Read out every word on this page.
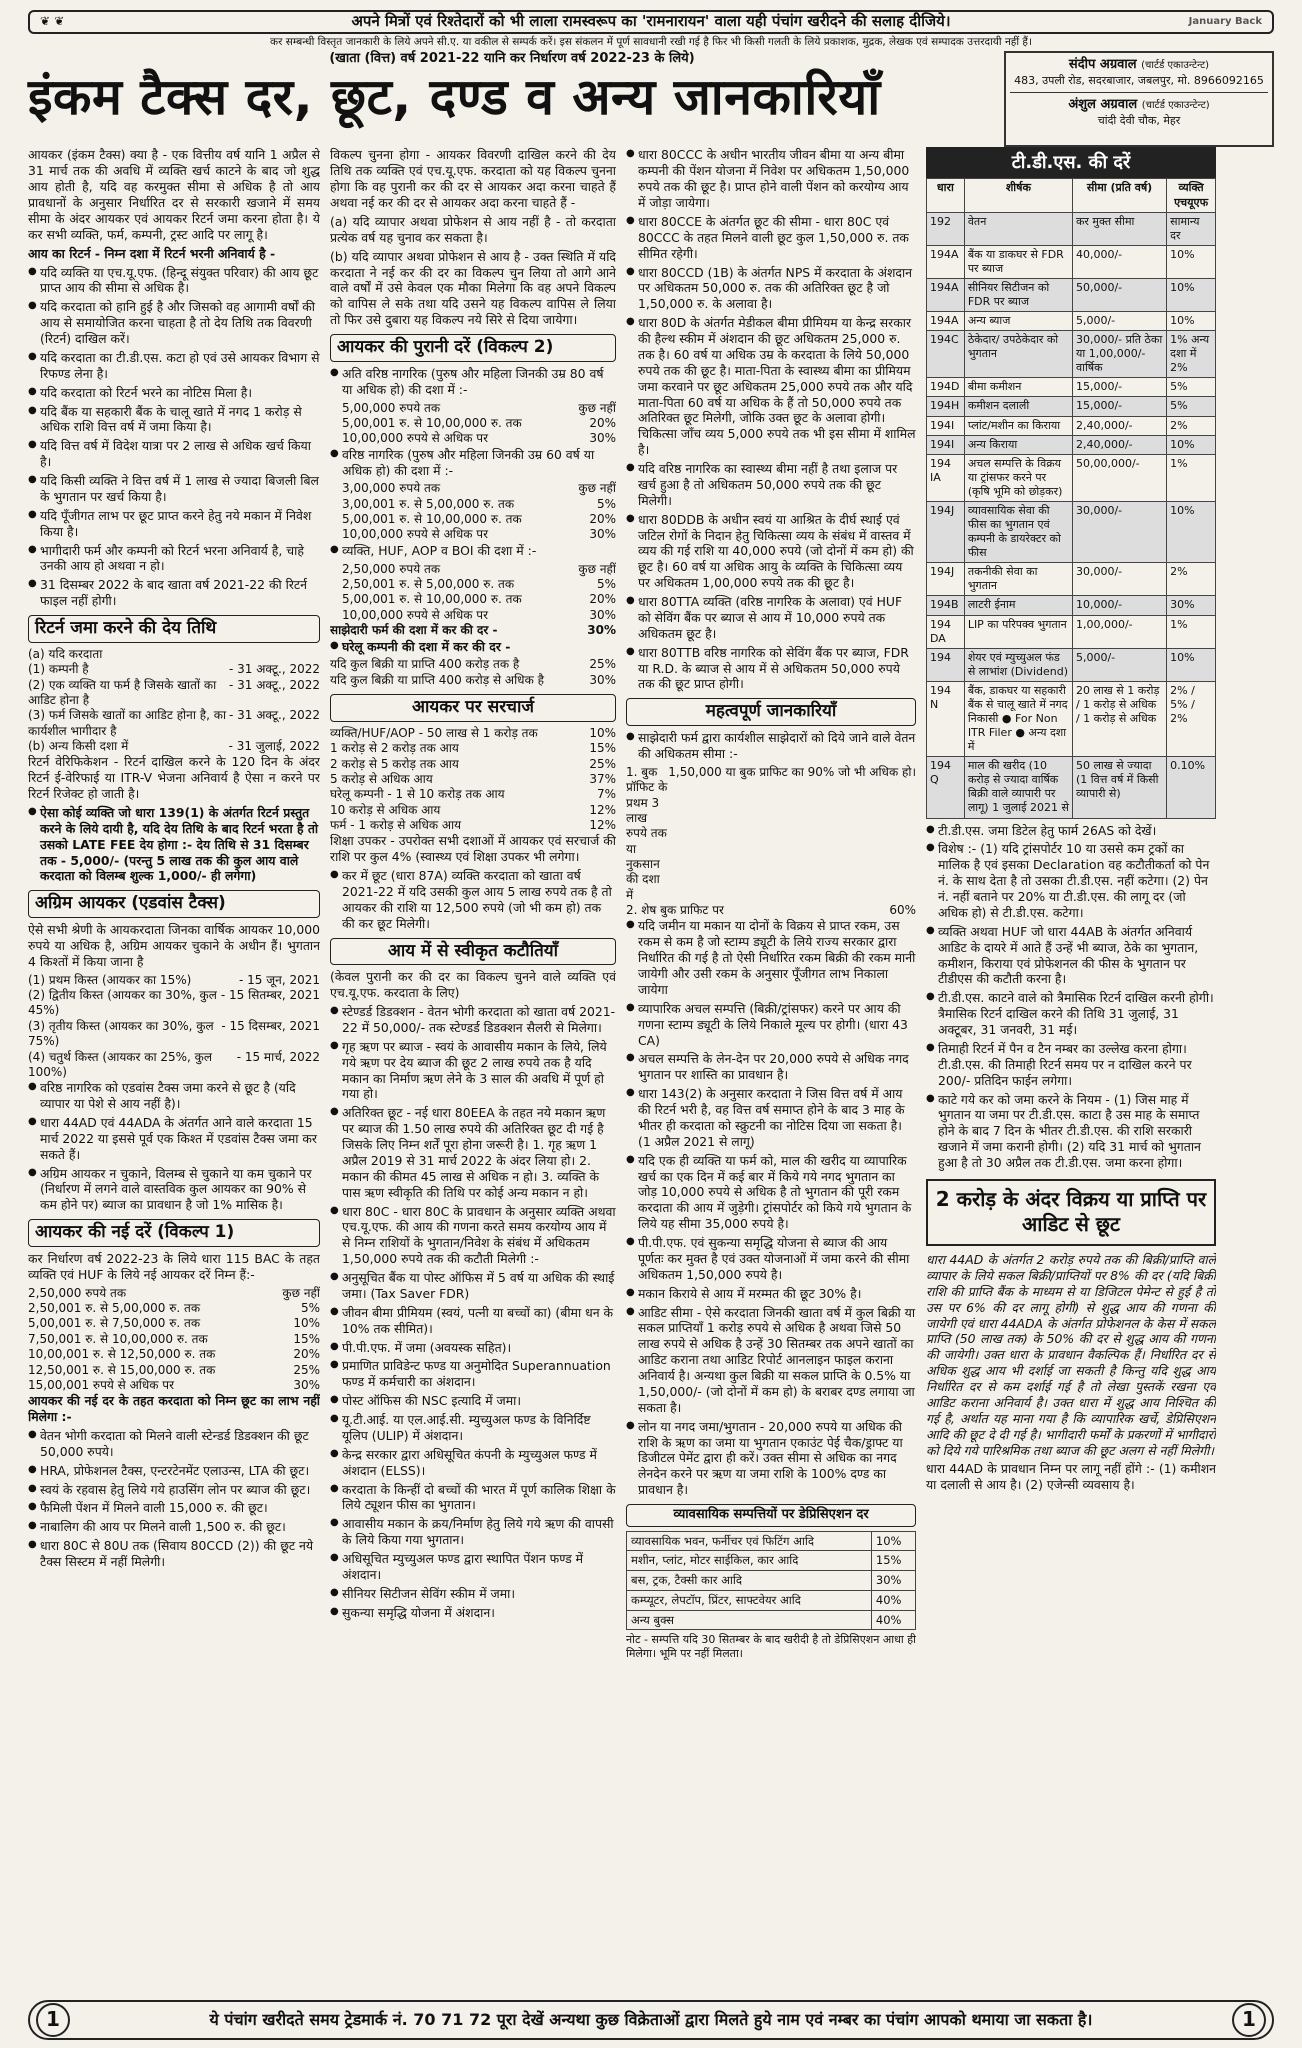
❦ ❦	अपने मित्रों एवं रिश्तेदारों को भी लाला रामस्वरूप का 'रामनारायन' वाला यही पंचांग खरीदने की सलाह दीजिये।	January Back
कर सम्बन्धी विस्तृत जानकारी के लिये अपने सी.ए. या वकील से सम्पर्क करें। इस संकलन में पूर्ण सावधानी रखी गई है फिर भी किसी गलती के लिये प्रकाशक, मुद्रक, लेखक एवं सम्पादक उत्तरदायी नहीं हैं।
(खाता (वित्त) वर्ष 2021-22 यानि कर निर्धारण वर्ष 2022-23 के लिये)
इंकम टैक्स दर, छूट, दण्ड व अन्य जानकारियाँ
संदीप अग्रवाल (चार्टर्ड एकाउन्टेन्ट)
483, उपली रोड, सदरबाजार, जबलपुर, मो. 8966092165
अंशुल अग्रवाल (चार्टर्ड एकाउन्टेन्ट)
चांदी देवी चौक, मेहर

आयकर (इंकम टैक्स) क्या है - एक वित्तीय वर्ष यानि 1 अप्रैल से 31 मार्च तक की अवधि में व्यक्ति खर्च काटने के बाद जो शुद्ध आय होती है, यदि वह करमुक्त सीमा से अधिक है तो आय प्रावधानों के अनुसार निर्धारित दर से सरकारी खजाने में समय सीमा के अंदर आयकर एवं आयकर रिटर्न जमा करना होता है। ये कर सभी व्यक्ति, फर्म, कम्पनी, ट्रस्ट आदि पर लागू है।

आय का रिटर्न - निम्न दशा में रिटर्न भरनी अनिवार्य है -

● यदि व्यक्ति या एच.यू.एफ. (हिन्दू संयुक्त परिवार) की आय छूट प्राप्त आय की सीमा से अधिक है।
● यदि करदाता को हानि हुई है और जिसको वह आगामी वर्षों की आय से समायोजित करना चाहता है तो देय तिथि तक विवरणी (रिटर्न) दाखिल करें।
● यदि करदाता का टी.डी.एस. कटा हो एवं उसे आयकर विभाग से रिफण्ड लेना है।
● यदि करदाता को रिटर्न भरने का नोटिस मिला है।
● यदि बैंक या सहकारी बैंक के चालू खाते में नगद 1 करोड़ से अधिक राशि वित्त वर्ष में जमा किया है।
● यदि वित्त वर्ष में विदेश यात्रा पर 2 लाख से अधिक खर्च किया है।
● यदि किसी व्यक्ति ने वित्त वर्ष में 1 लाख से ज्यादा बिजली बिल के भुगतान पर खर्च किया है।
● यदि पूँजीगत लाभ पर छूट प्राप्त करने हेतु नये मकान में निवेश किया है।
● भागीदारी फर्म और कम्पनी को रिटर्न भरना अनिवार्य है, चाहे उनकी आय हो अथवा न हो।
● 31 दिसम्बर 2022 के बाद खाता वर्ष 2021-22 की रिटर्न फाइल नहीं होगी।
रिटर्न जमा करने की देय तिथि
(a) यदि करदाता
(1) कम्पनी है	- 31 अक्टू., 2022
(2) एक व्यक्ति या फर्म है जिसके खातों का आडिट होना है
- 31 अक्टू., 2022
(3) फर्म जिसके खातों का आडिट होना है, का कार्यशील भागीदार है
- 31 अक्टू., 2022
(b) अन्य किसी दशा में	- 31 जुलाई, 2022

रिटर्न वेरिफिकेशन - रिटर्न दाखिल करने के 120 दिन के अंदर रिटर्न ई-वेरिफाई या ITR-V भेजना अनिवार्य है ऐसा न करने पर रिटर्न रिजेक्ट हो जाती है।

● ऐसा कोई व्यक्ति जो धारा 139(1) के अंतर्गत रिटर्न प्रस्तुत करने के लिये दायी है, यदि देय तिथि के बाद रिटर्न भरता है तो उसको LATE FEE देय होगा :- देय तिथि से 31 दिसम्बर तक - 5,000/- (परन्तु 5 लाख तक की कुल आय वाले करदाता को विलम्ब शुल्क 1,000/- ही लगेगा)
अग्रिम आयकर (एडवांस टैक्स)

ऐसे सभी श्रेणी के आयकरदाता जिनका वार्षिक आयकर 10,000 रुपये या अधिक है, अग्रिम आयकर चुकाने के अधीन हैं। भुगतान 4 किश्तों में किया जाना है

(1) प्रथम किस्त (आयकर का 15%)	- 15 जून, 2021
(2) द्वितीय किस्त (आयकर का 30%, कुल 45%)
- 15 सितम्बर, 2021
(3) तृतीय किस्त (आयकर का 30%, कुल 75%)
- 15 दिसम्बर, 2021
(4) चतुर्थ किस्त (आयकर का 25%, कुल 100%)
- 15 मार्च, 2022
● वरिष्ठ नागरिक को एडवांस टैक्स जमा करने से छूट है (यदि व्यापार या पेशे से आय नहीं है)।
● धारा 44AD एवं 44ADA के अंतर्गत आने वाले करदाता 15 मार्च 2022 या इससे पूर्व एक किश्त में एडवांस टैक्स जमा कर सकते हैं।
● अग्रिम आयकर न चुकाने, विलम्ब से चुकाने या कम चुकाने पर (निर्धारण में लगने वाले वास्तविक कुल आयकर का 90% से कम होने पर) ब्याज का प्रावधान है जो 1% मासिक है।
आयकर की नई दरें (विकल्प 1)

कर निर्धारण वर्ष 2022-23 के लिये धारा 115 BAC के तहत व्यक्ति एवं HUF के लिये नई आयकर दरें निम्न हैं:-

2,50,000 रुपये तक	कुछ नहीं
2,50,001 रु. से 5,00,000 रु. तक	5%
5,00,001 रु. से 7,50,000 रु. तक	10%
7,50,001 रु. से 10,00,000 रु. तक	15%
10,00,001 रु. से 12,50,000 रु. तक	20%
12,50,001 रु. से 15,00,000 रु. तक	25%
15,00,001 रुपये से अधिक पर	30%

आयकर की नई दर के तहत करदाता को निम्न छूट का लाभ नहीं मिलेगा :-

● वेतन भोगी करदाता को मिलने वाली स्टेन्डर्ड डिडक्शन की छूट 50,000 रुपये।
● HRA, प्रोफेशनल टैक्स, एन्टरटेनमेंट एलाउन्स, LTA की छूट।
● स्वयं के रहवास हेतु लिये गये हाउसिंग लोन पर ब्याज की छूट।
● फैमिली पेंशन में मिलने वाली 15,000 रु. की छूट।
● नाबालिग की आय पर मिलने वाली 1,500 रु. की छूट।
● धारा 80C से 80U तक (सिवाय 80CCD (2)) की छूट नये टैक्स सिस्टम में नहीं मिलेगी।

विकल्प चुनना होगा - आयकर विवरणी दाखिल करने की देय तिथि तक व्यक्ति एवं एच.यू.एफ. करदाता को यह विकल्प चुनना होगा कि वह पुरानी कर की दर से आयकर अदा करना चाहते हैं अथवा नई कर की दर से आयकर अदा करना चाहते हैं -

(a) यदि व्यापार अथवा प्रोफेशन से आय नहीं है - तो करदाता प्रत्येक वर्ष यह चुनाव कर सकता है।

(b) यदि व्यापार अथवा प्रोफेशन से आय है - उक्त स्थिति में यदि करदाता ने नई कर की दर का विकल्प चुन लिया तो आगे आने वाले वर्षों में उसे केवल एक मौका मिलेगा कि वह अपने विकल्प को वापिस ले सके तथा यदि उसने यह विकल्प वापिस ले लिया तो फिर उसे दुबारा यह विकल्प नये सिरे से दिया जायेगा।

आयकर की पुरानी दरें (विकल्प 2)
● अति वरिष्ठ नागरिक (पुरुष और महिला जिनकी उम्र 80 वर्ष या अधिक हो) की दशा में :-
5,00,000 रुपये तक	कुछ नहीं
5,00,001 रु. से 10,00,000 रु. तक	20%
10,00,000 रुपये से अधिक पर	30%
● वरिष्ठ नागरिक (पुरुष और महिला जिनकी उम्र 60 वर्ष या अधिक हो) की दशा में :-
3,00,000 रुपये तक	कुछ नहीं
3,00,001 रु. से 5,00,000 रु. तक	5%
5,00,001 रु. से 10,00,000 रु. तक	20%
10,00,000 रुपये से अधिक पर	30%
● व्यक्ति, HUF, AOP व BOI की दशा में :-
2,50,000 रुपये तक	कुछ नहीं
2,50,001 रु. से 5,00,000 रु. तक	5%
5,00,001 रु. से 10,00,000 रु. तक	20%
10,00,000 रुपये से अधिक पर	30%
साझेदारी फर्म की दशा में कर की दर -	30%
● घरेलू कम्पनी की दशा में कर की दर -
यदि कुल बिक्री या प्राप्ति 400 करोड़ तक है	25%
यदि कुल बिक्री या प्राप्ति 400 करोड़ से अधिक है	30%
आयकर पर सरचार्ज
व्यक्ति/HUF/AOP - 50 लाख से 1 करोड़ तक	10%
1 करोड़ से 2 करोड़ तक आय	15%
2 करोड़ से 5 करोड़ तक आय	25%
5 करोड़ से अधिक आय	37%
घरेलू कम्पनी - 1 से 10 करोड़ तक आय	7%
10 करोड़ से अधिक आय	12%
फर्म - 1 करोड़ से अधिक आय	12%

शिक्षा उपकर - उपरोक्त सभी दशाओं में आयकर एवं सरचार्ज की राशि पर कुल 4% (स्वास्थ्य एवं शिक्षा उपकर भी लगेगा।

● कर में छूट (धारा 87A) व्यक्ति करदाता को खाता वर्ष 2021-22 में यदि उसकी कुल आय 5 लाख रुपये तक है तो आयकर की राशि या 12,500 रुपये (जो भी कम हो) तक की कर छूट मिलेगी।
आय में से स्वीकृत कटौतियाँ

(केवल पुरानी कर की दर का विकल्प चुनने वाले व्यक्ति एवं एच.यू.एफ. करदाता के लिए)

● स्टेण्डर्ड डिडक्शन - वेतन भोगी करदाता को खाता वर्ष 2021-22 में 50,000/- तक स्टेण्डर्ड डिडक्शन सैलरी से मिलेगा।
● गृह ऋण पर ब्याज - स्वयं के आवासीय मकान के लिये, लिये गये ऋण पर देय ब्याज की छूट 2 लाख रुपये तक है यदि मकान का निर्माण ऋण लेने के 3 साल की अवधि में पूर्ण हो गया हो।
● अतिरिक्त छूट - नई धारा 80EEA के तहत नये मकान ऋण पर ब्याज की 1.50 लाख रुपये की अतिरिक्त छूट दी गई है जिसके लिए निम्न शर्तें पूरा होना जरूरी है। 1. गृह ऋण 1 अप्रैल 2019 से 31 मार्च 2022 के अंदर लिया हो। 2. मकान की कीमत 45 लाख से अधिक न हो। 3. व्यक्ति के पास ऋण स्वीकृति की तिथि पर कोई अन्य मकान न हो।
● धारा 80C - धारा 80C के प्रावधान के अनुसार व्यक्ति अथवा एच.यू.एफ. की आय की गणना करते समय करयोग्य आय में से निम्न राशियों के भुगतान/निवेश के संबंध में अधिकतम 1,50,000 रुपये तक की कटौती मिलेगी :-
● अनुसूचित बैंक या पोस्ट ऑफिस में 5 वर्ष या अधिक की स्थाई जमा। (Tax Saver FDR)
● जीवन बीमा प्रीमियम (स्वयं, पत्नी या बच्चों का) (बीमा धन के 10% तक सीमित)।
● पी.पी.एफ. में जमा (अवयस्क सहित)।
● प्रमाणित प्राविडेन्ट फण्ड या अनुमोदित Superannuation फण्ड में कर्मचारी का अंशदान।
● पोस्ट ऑफिस की NSC इत्यादि में जमा।
● यू.टी.आई. या एल.आई.सी. म्युच्युअल फण्ड के विनिर्दिष्ट यूलिप (ULIP) में अंशदान।
● केन्द्र सरकार द्वारा अधिसूचित कंपनी के म्युच्युअल फण्ड में अंशदान (ELSS)।
● करदाता के किन्हीं दो बच्चों की भारत में पूर्ण कालिक शिक्षा के लिये ट्यूशन फीस का भुगतान।
● आवासीय मकान के क्रय/निर्माण हेतु लिये गये ऋण की वापसी के लिये किया गया भुगतान।
● अधिसूचित म्युच्युअल फण्ड द्वारा स्थापित पेंशन फण्ड में अंशदान।
● सीनियर सिटीजन सेविंग स्कीम में जमा।
● सुकन्या समृद्धि योजना में अंशदान।
● धारा 80CCC के अधीन भारतीय जीवन बीमा या अन्य बीमा कम्पनी की पेंशन योजना में निवेश पर अधिकतम 1,50,000 रुपये तक की छूट है। प्राप्त होने वाली पेंशन को करयोग्य आय में जोड़ा जायेगा।
● धारा 80CCE के अंतर्गत छूट की सीमा - धारा 80C एवं 80CCC के तहत मिलने वाली छूट कुल 1,50,000 रु. तक सीमित रहेगी।
● धारा 80CCD (1B) के अंतर्गत NPS में करदाता के अंशदान पर अधिकतम 50,000 रु. तक की अतिरिक्त छूट है जो 1,50,000 रु. के अलावा है।
● धारा 80D के अंतर्गत मेडीकल बीमा प्रीमियम या केन्द्र सरकार की हैल्थ स्कीम में अंशदान की छूट अधिकतम 25,000 रु. तक है। 60 वर्ष या अधिक उम्र के करदाता के लिये 50,000 रुपये तक की छूट है। माता-पिता के स्वास्थ्य बीमा का प्रीमियम जमा करवाने पर छूट अधिकतम 25,000 रुपये तक और यदि माता-पिता 60 वर्ष या अधिक के हैं तो 50,000 रुपये तक अतिरिक्त छूट मिलेगी, जोकि उक्त छूट के अलावा होगी। चिकित्सा जाँच व्यय 5,000 रुपये तक भी इस सीमा में शामिल है।
● यदि वरिष्ठ नागरिक का स्वास्थ्य बीमा नहीं है तथा इलाज पर खर्च हुआ है तो अधिकतम 50,000 रुपये तक की छूट मिलेगी।
● धारा 80DDB के अधीन स्वयं या आश्रित के दीर्घ स्थाई एवं जटिल रोगों के निदान हेतु चिकित्सा व्यय के संबंध में वास्तव में व्यय की गई राशि या 40,000 रुपये (जो दोनों में कम हो) की छूट है। 60 वर्ष या अधिक आयु के व्यक्ति के चिकित्सा व्यय पर अधिकतम 1,00,000 रुपये तक की छूट है।
● धारा 80TTA व्यक्ति (वरिष्ठ नागरिक के अलावा) एवं HUF को सेविंग बैंक पर ब्याज से आय में 10,000 रुपये तक अधिकतम छूट है।
● धारा 80TTB वरिष्ठ नागरिक को सेविंग बैंक पर ब्याज, FDR या R.D. के ब्याज से आय में से अधिकतम 50,000 रुपये तक की छूट प्राप्त होगी।
महत्वपूर्ण जानकारियाँ
● साझेदारी फर्म द्वारा कार्यशील साझेदारों को दिये जाने वाले वेतन की अधिकतम सीमा :-
1. बुक प्रॉफिट के प्रथम 3 लाख रुपये तक या नुकसान की दशा में
1,50,000 या बुक प्राफिट का 90% जो भी अधिक हो।
2. शेष बुक प्राफिट पर	60%
● यदि जमीन या मकान या दोनों के विक्रय से प्राप्त रकम, उस रकम से कम है जो स्टाम्प ड्यूटी के लिये राज्य सरकार द्वारा निर्धारित की गई है तो ऐसी निर्धारित रकम बिक्री की रकम मानी जायेगी और उसी रकम के अनुसार पूँजीगत लाभ निकाला जायेगा
● व्यापारिक अचल सम्पत्ति (बिक्री/ट्रांसफर) करने पर आय की गणना स्टाम्प ड्यूटी के लिये निकाले मूल्य पर होगी। (धारा 43 CA)
● अचल सम्पत्ति के लेन-देन पर 20,000 रुपये से अधिक नगद भुगतान पर शास्ति का प्रावधान है।
● धारा 143(2) के अनुसार करदाता ने जिस वित्त वर्ष में आय की रिटर्न भरी है, वह वित्त वर्ष समाप्त होने के बाद 3 माह के भीतर ही करदाता को स्क्रुटनी का नोटिस दिया जा सकता है। (1 अप्रैल 2021 से लागू)
● यदि एक ही व्यक्ति या फर्म को, माल की खरीद या व्यापारिक खर्च का एक दिन में कई बार में किये गये नगद भुगतान का जोड़ 10,000 रुपये से अधिक है तो भुगतान की पूरी रकम करदाता की आय में जुड़ेगी। ट्रांसपोर्टर को किये गये भुगतान के लिये यह सीमा 35,000 रुपये है।
● पी.पी.एफ. एवं सुकन्या समृद्धि योजना से ब्याज की आय पूर्णतः कर मुक्त है एवं उक्त योजनाओं में जमा करने की सीमा अधिकतम 1,50,000 रुपये है।
● मकान किराये से आय में मरम्मत की छूट 30% है।
● आडिट सीमा - ऐसे करदाता जिनकी खाता वर्ष में कुल बिक्री या सकल प्राप्तियाँ 1 करोड़ रुपये से अधिक है अथवा जिसे 50 लाख रुपये से अधिक है उन्हें 30 सितम्बर तक अपने खातों का आडिट कराना तथा आडिट रिपोर्ट आनलाइन फाइल कराना अनिवार्य है। अन्यथा कुल बिक्री या सकल प्राप्ति के 0.5% या 1,50,000/- (जो दोनों में कम हो) के बराबर दण्ड लगाया जा सकता है।
● लोन या नगद जमा/भुगतान - 20,000 रुपये या अधिक की राशि के ऋण का जमा या भुगतान एकाउंट पेई चैक/ड्राफ्ट या डिजीटल पेमेंट द्वारा ही करें। उक्त सीमा से अधिक का नगद लेनदेन करने पर ऋण या जमा राशि के 100% दण्ड का प्रावधान है।
व्यावसायिक सम्पत्तियों पर डेप्रिसिएशन दर
व्यावसायिक भवन, फर्नीचर एवं फिटिंग आदि	10%
मशीन, प्लांट, मोटर साईकिल, कार आदि	15%
बस, ट्रक, टैक्सी कार आदि	30%
कम्प्यूटर, लेपटॉप, प्रिंटर, साफ्टवेयर आदि	40%
अन्य बुक्स	40%

नोट - सम्पत्ति यदि 30 सितम्बर के बाद खरीदी है तो डेप्रिसिएशन आधा ही मिलेगा। भूमि पर नहीं मिलता।

टी.डी.एस. की दरें
धारा	शीर्षक	सीमा (प्रति वर्ष)	व्यक्ति एचयूएफ
192	वेतन	कर मुक्त सीमा	सामान्य दर
194A	बैंक या डाकघर से FDR पर ब्याज	40,000/-	10%
194A	सीनियर सिटीजन को FDR पर ब्याज	50,000/-	10%
194A	अन्य ब्याज	5,000/-	10%
194C	ठेकेदार/ उपठेकेदार को भुगतान	30,000/- प्रति ठेका या 1,00,000/- वार्षिक	1% अन्य दशा में 2%
194D	बीमा कमीशन	15,000/-	5%
194H	कमीशन दलाली	15,000/-	5%
194I	प्लांट/मशीन का किराया	2,40,000/-	2%
194I	अन्य किराया	2,40,000/-	10%
194 IA	अचल सम्पत्ति के विक्रय या ट्रांसफर करने पर (कृषि भूमि को छोड़कर)	50,00,000/-	1%
194J	व्यावसायिक सेवा की फीस का भुगतान एवं कम्पनी के डायरेक्टर को फीस	30,000/-	10%
194J	तकनीकी सेवा का भुगतान	30,000/-	2%
194B	लाटरी ईनाम	10,000/-	30%
194 DA	LIP का परिपक्व भुगतान	1,00,000/-	1%
194	शेयर एवं म्युच्युअल फंड से लाभांश (Dividend)	5,000/-	10%
194 N	बैंक, डाकघर या सहकारी बैंक से चालू खाते में नगद निकासी ● For Non ITR Filer ● अन्य दशा में	20 लाख से 1 करोड़ / 1 करोड़ से अधिक / 1 करोड़ से अधिक	2% / 5% / 2%
194 Q	माल की खरीद (10 करोड़ से ज्यादा वार्षिक बिक्री वाले व्यापारी पर लागू) 1 जुलाई 2021 से	50 लाख से ज्यादा (1 वित्त वर्ष में किसी व्यापारी से)	0.10%
● टी.डी.एस. जमा डिटेल हेतु फार्म 26AS को देखें।
● विशेष :- (1) यदि ट्रांसपोर्टर 10 या उससे कम ट्रकों का मालिक है एवं इसका Declaration वह कटौतीकर्ता को पेन नं. के साथ देता है तो उसका टी.डी.एस. नहीं कटेगा। (2) पेन नं. नहीं बताने पर 20% या टी.डी.एस. की लागू दर (जो अधिक हो) से टी.डी.एस. कटेगा।
● व्यक्ति अथवा HUF जो धारा 44AB के अंतर्गत अनिवार्य आडिट के दायरे में आते हैं उन्हें भी ब्याज, ठेके का भुगतान, कमीशन, किराया एवं प्रोफेशनल की फीस के भुगतान पर टीडीएस की कटौती करना है।
● टी.डी.एस. काटने वाले को त्रैमासिक रिटर्न दाखिल करनी होगी। त्रैमासिक रिटर्न दाखिल करने की तिथि 31 जुलाई, 31 अक्टूबर, 31 जनवरी, 31 मई।
● तिमाही रिटर्न में पैन व टैन नम्बर का उल्लेख करना होगा। टी.डी.एस. की तिमाही रिटर्न समय पर न दाखिल करने पर 200/- प्रतिदिन फाईन लगेगा।
● काटे गये कर को जमा करने के नियम - (1) जिस माह में भुगतान या जमा पर टी.डी.एस. काटा है उस माह के समाप्त होने के बाद 7 दिन के भीतर टी.डी.एस. की राशि सरकारी खजाने में जमा करानी होगी। (2) यदि 31 मार्च को भुगतान हुआ है तो 30 अप्रैल तक टी.डी.एस. जमा करना होगा।
2 करोड़ के अंदर विक्रय या प्राप्ति पर आडिट से छूट

धारा 44AD के अंतर्गत 2 करोड़ रुपये तक की बिक्री/प्राप्ति वाले व्यापार के लिये सकल बिक्री/प्राप्तियों पर 8% की दर (यदि बिक्री राशि की प्राप्ति बैंक के माध्यम से या डिजिटल पेमेन्ट से हुई है तो उस पर 6% की दर लागू होगी) से शुद्ध आय की गणना की जायेगी एवं धारा 44ADA के अंतर्गत प्रोफेशनल के केस में सकल प्राप्ति (50 लाख तक) के 50% की दर से शुद्ध आय की गणना की जायेगी। उक्त धारा के प्रावधान वैकल्पिक हैं। निर्धारित दर से अधिक शुद्ध आय भी दर्शाई जा सकती है किन्तु यदि शुद्ध आय निर्धारित दर से कम दर्शाई गई है तो लेखा पुस्तकें रखना एवं आडिट कराना अनिवार्य है। उक्त धारा में शुद्ध आय निश्चित की गई है, अर्थात यह माना गया है कि व्यापारिक खर्चे, डेप्रिसिएशन आदि की छूट दे दी गई है। भागीदारी फर्मों के प्रकरणों में भागीदारों को दिये गये पारिश्रमिक तथा ब्याज की छूट अलग से नहीं मिलेगी।

धारा 44AD के प्रावधान निम्न पर लागू नहीं होंगे :- (1) कमीशन या दलाली से आय है। (2) एजेन्सी व्यवसाय है।

1	ये पंचांग खरीदते समय ट्रेडमार्क नं. 70 71 72 पूरा देखें अन्यथा कुछ विक्रेताओं द्वारा मिलते हुये नाम एवं नम्बर का पंचांग आपको थमाया जा सकता है।	1
